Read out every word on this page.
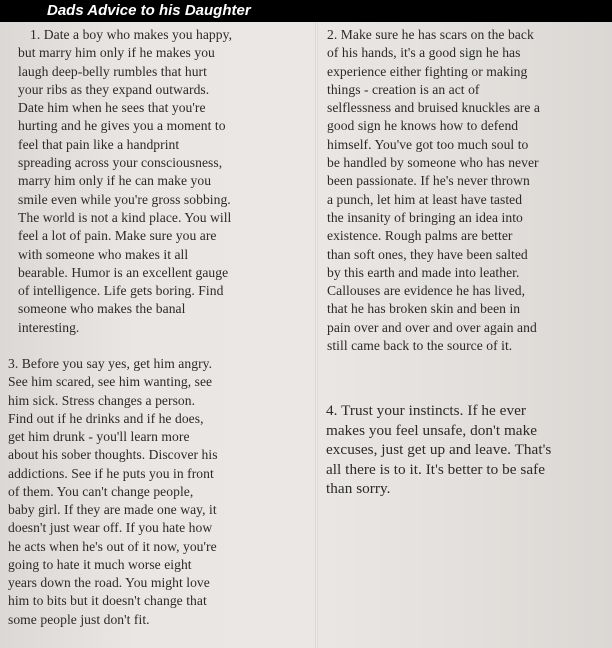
Dads Advice to his Daughter
1. Date a boy who makes you happy,
but marry him only if he makes you
laugh deep-belly rumbles that hurt
your ribs as they expand outwards.
Date him when he sees that you're
hurting and he gives you a moment to
feel that pain like a handprint
spreading across your consciousness,
marry him only if he can make you
smile even while you're gross sobbing.
The world is not a kind place. You will
feel a lot of pain. Make sure you are
with someone who makes it all
bearable. Humor is an excellent gauge
of intelligence. Life gets boring. Find
someone who makes the banal
interesting.
2. Make sure he has scars on the back
of his hands, it's a good sign he has
experience either fighting or making
things - creation is an act of
selflessness and bruised knuckles are a
good sign he knows how to defend
himself. You've got too much soul to
be handled by someone who has never
been passionate. If he's never thrown
a punch, let him at least have tasted
the insanity of bringing an idea into
existence. Rough palms are better
than soft ones, they have been salted
by this earth and made into leather.
Callouses are evidence he has lived,
that he has broken skin and been in
pain over and over and over again and
still came back to the source of it.
3. Before you say yes, get him angry.
See him scared, see him wanting, see
him sick. Stress changes a person.
Find out if he drinks and if he does,
get him drunk - you'll learn more
about his sober thoughts. Discover his
addictions. See if he puts you in front
of them. You can't change people,
baby girl. If they are made one way, it
doesn't just wear off. If you hate how
he acts when he's out of it now, you're
going to hate it much worse eight
years down the road. You might love
him to bits but it doesn't change that
some people just don't fit.
4. Trust your instincts. If he ever
makes you feel unsafe, don't make
excuses, just get up and leave. That's
all there is to it. It's better to be safe
than sorry.
